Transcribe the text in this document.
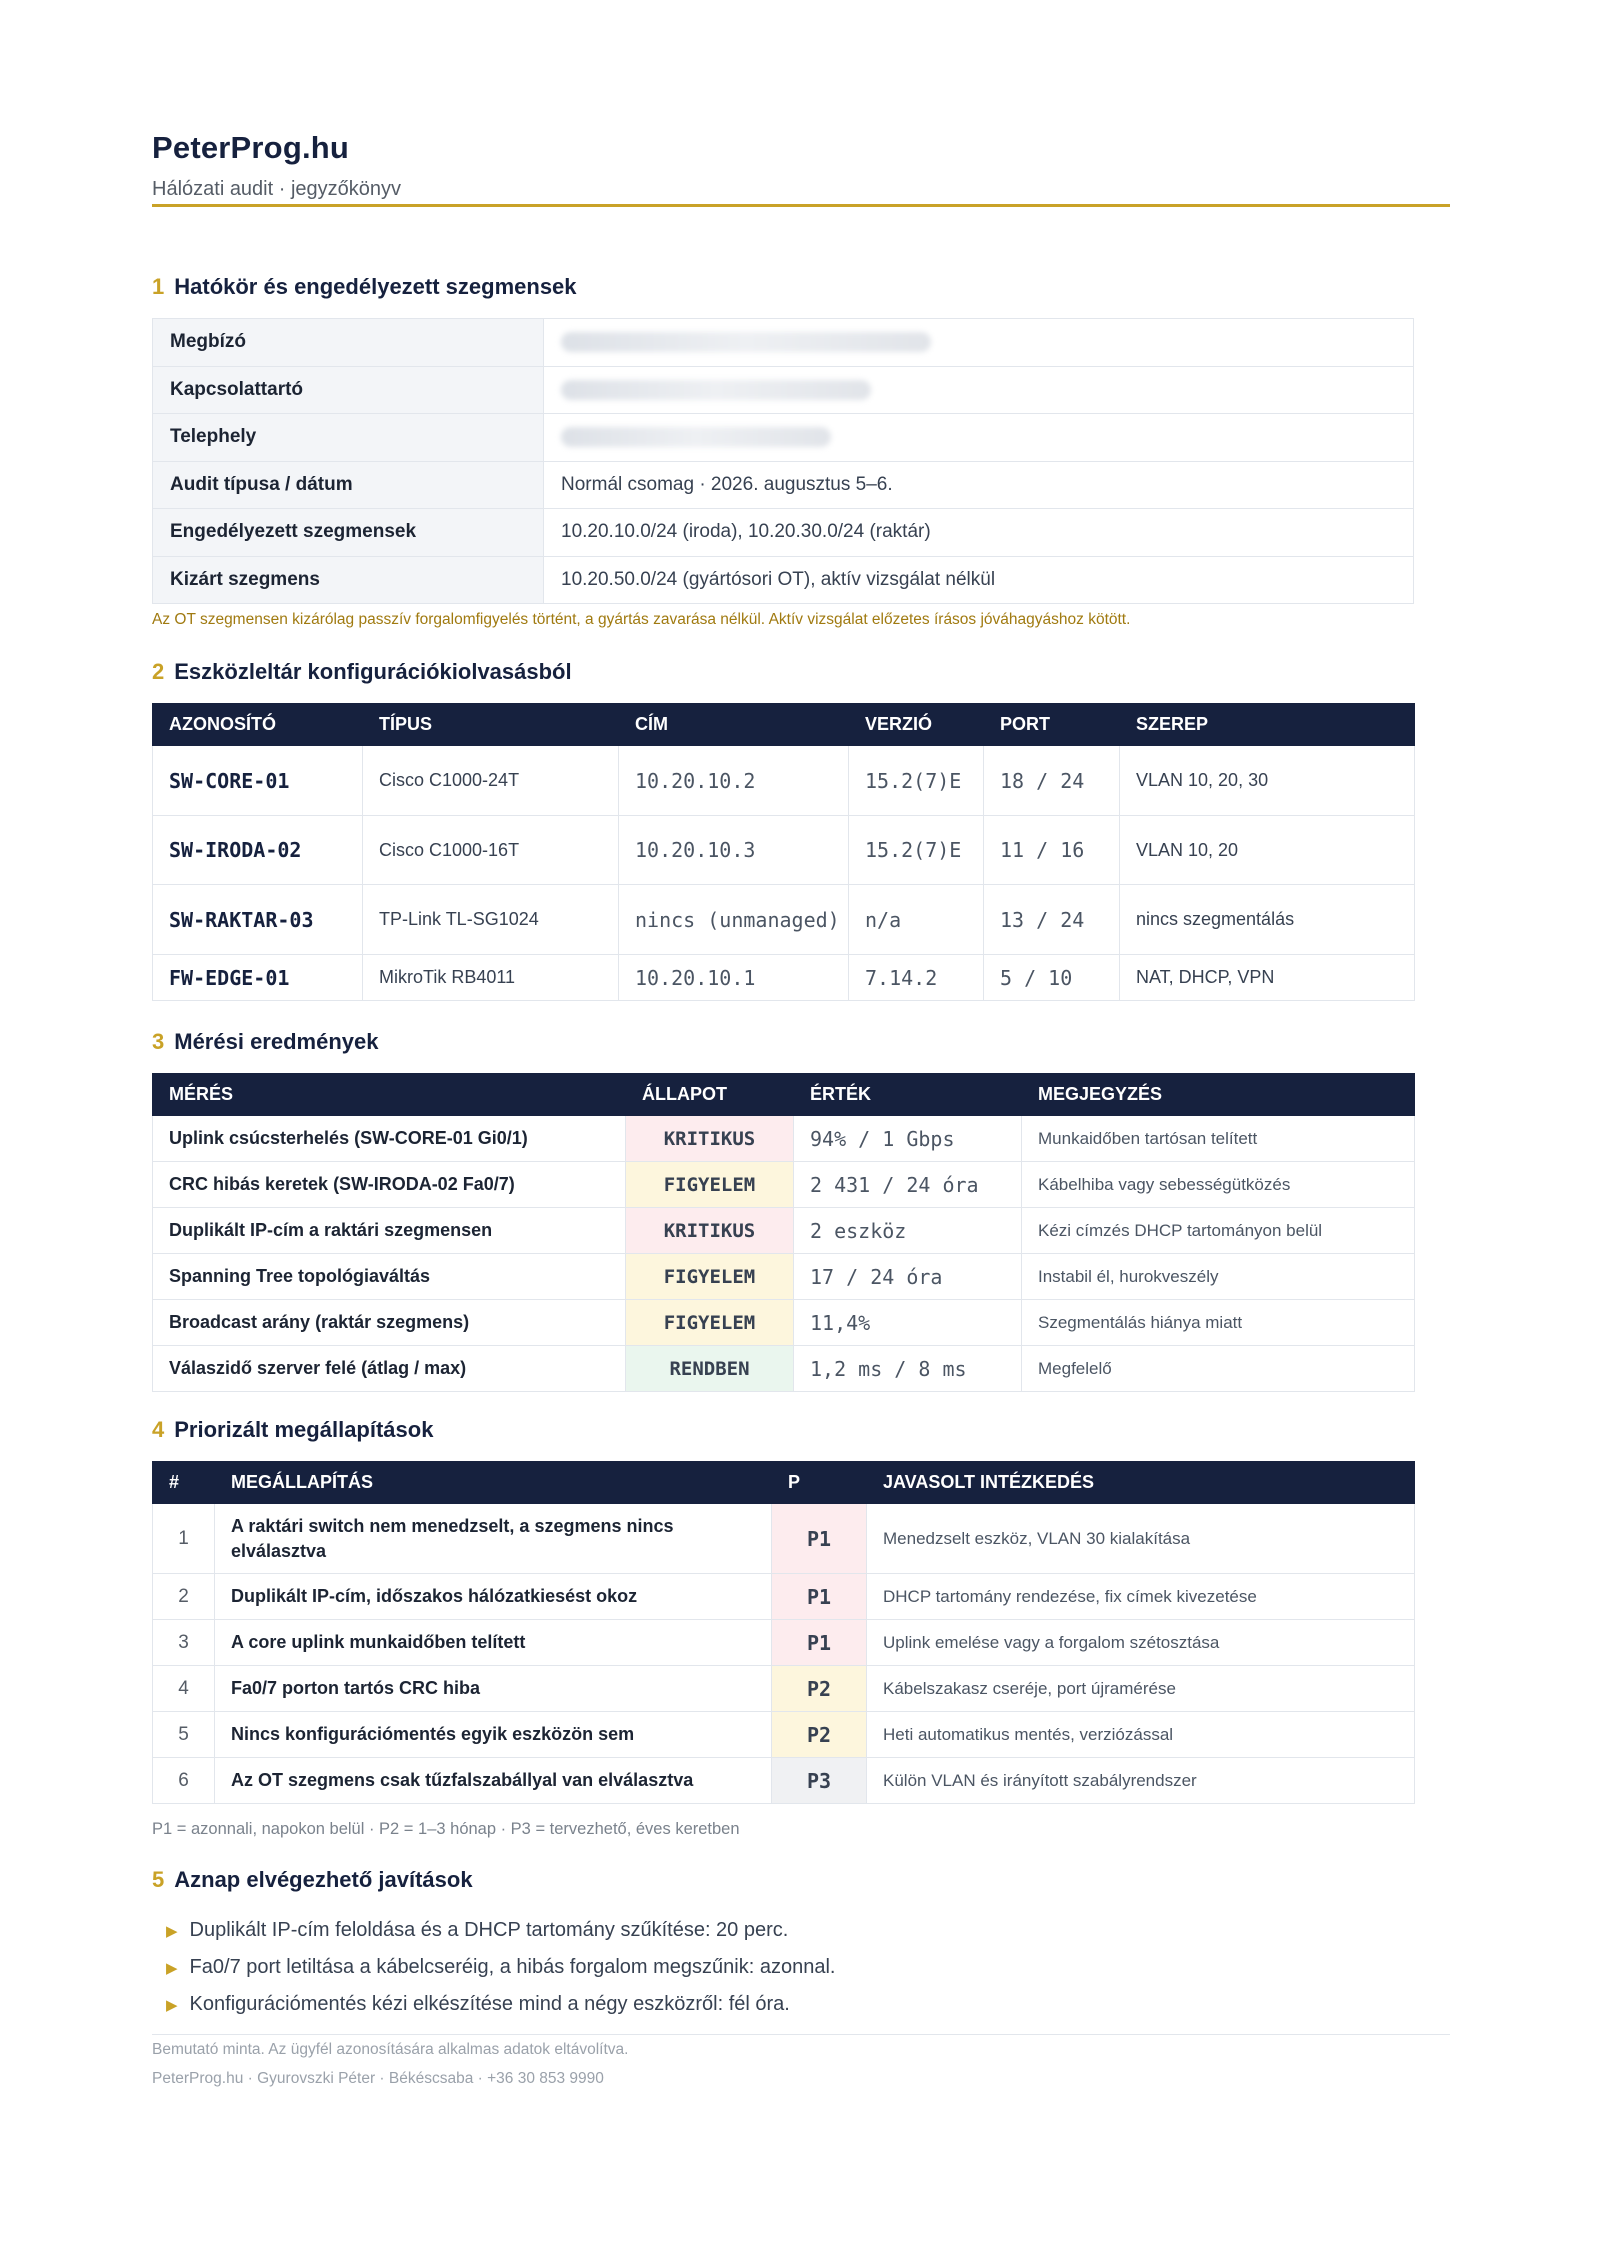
PeterProg.hu
Hálózati audit · jegyzőkönyv
1 Hatókör és engedélyezett szegmensek
Megbízó	
Kapcsolattartó	
Telephely	
Audit típusa / dátum	Normál csomag · 2026. augusztus 5–6.
Engedélyezett szegmensek	10.20.10.0/24 (iroda), 10.20.30.0/24 (raktár)
Kizárt szegmens	10.20.50.0/24 (gyártósori OT), aktív vizsgálat nélkül
Az OT szegmensen kizárólag passzív forgalomfigyelés történt, a gyártás zavarása nélkül. Aktív vizsgálat előzetes írásos jóváhagyáshoz kötött.
2 Eszközleltár konfigurációkiolvasásból
AZONOSÍTÓ	TÍPUS	CÍM	VERZIÓ	PORT	SZEREP
SW-CORE-01	Cisco C1000-24T	10.20.10.2	15.2(7)E	18 / 24	VLAN 10, 20, 30
SW-IRODA-02	Cisco C1000-16T	10.20.10.3	15.2(7)E	11 / 16	VLAN 10, 20
SW-RAKTAR-03	TP-Link TL-SG1024	nincs (unmanaged)	n/a	13 / 24	nincs szegmentálás
FW-EDGE-01	MikroTik RB4011	10.20.10.1	7.14.2	5 / 10	NAT, DHCP, VPN
3 Mérési eredmények
MÉRÉS	ÁLLAPOT	ÉRTÉK	MEGJEGYZÉS
Uplink csúcsterhelés (SW-CORE-01 Gi0/1)	KRITIKUS	94% / 1 Gbps	Munkaidőben tartósan telített
CRC hibás keretek (SW-IRODA-02 Fa0/7)	FIGYELEM	2 431 / 24 óra	Kábelhiba vagy sebességütközés
Duplikált IP-cím a raktári szegmensen	KRITIKUS	2 eszköz	Kézi címzés DHCP tartományon belül
Spanning Tree topológiaváltás	FIGYELEM	17 / 24 óra	Instabil él, hurokveszély
Broadcast arány (raktár szegmens)	FIGYELEM	11,4%	Szegmentálás hiánya miatt
Válaszidő szerver felé (átlag / max)	RENDBEN	1,2 ms / 8 ms	Megfelelő
4 Priorizált megállapítások
#	MEGÁLLAPÍTÁS	P	JAVASOLT INTÉZKEDÉS
1	A raktári switch nem menedzselt, a szegmens nincs elválasztva	P1	Menedzselt eszköz, VLAN 30 kialakítása
2	Duplikált IP-cím, időszakos hálózatkiesést okoz	P1	DHCP tartomány rendezése, fix címek kivezetése
3	A core uplink munkaidőben telített	P1	Uplink emelése vagy a forgalom szétosztása
4	Fa0/7 porton tartós CRC hiba	P2	Kábelszakasz cseréje, port újramérése
5	Nincs konfigurációmentés egyik eszközön sem	P2	Heti automatikus mentés, verziózással
6	Az OT szegmens csak tűzfalszabállyal van elválasztva	P3	Külön VLAN és irányított szabályrendszer
P1 = azonnali, napokon belül · P2 = 1–3 hónap · P3 = tervezhető, éves keretben
5 Aznap elvégezhető javítások
▶ Duplikált IP-cím feloldása és a DHCP tartomány szűkítése: 20 perc.
▶ Fa0/7 port letiltása a kábelcseréig, a hibás forgalom megszűnik: azonnal.
▶ Konfigurációmentés kézi elkészítése mind a négy eszközről: fél óra.
Bemutató minta. Az ügyfél azonosítására alkalmas adatok eltávolítva.
PeterProg.hu · Gyurovszki Péter · Békéscsaba · +36 30 853 9990
